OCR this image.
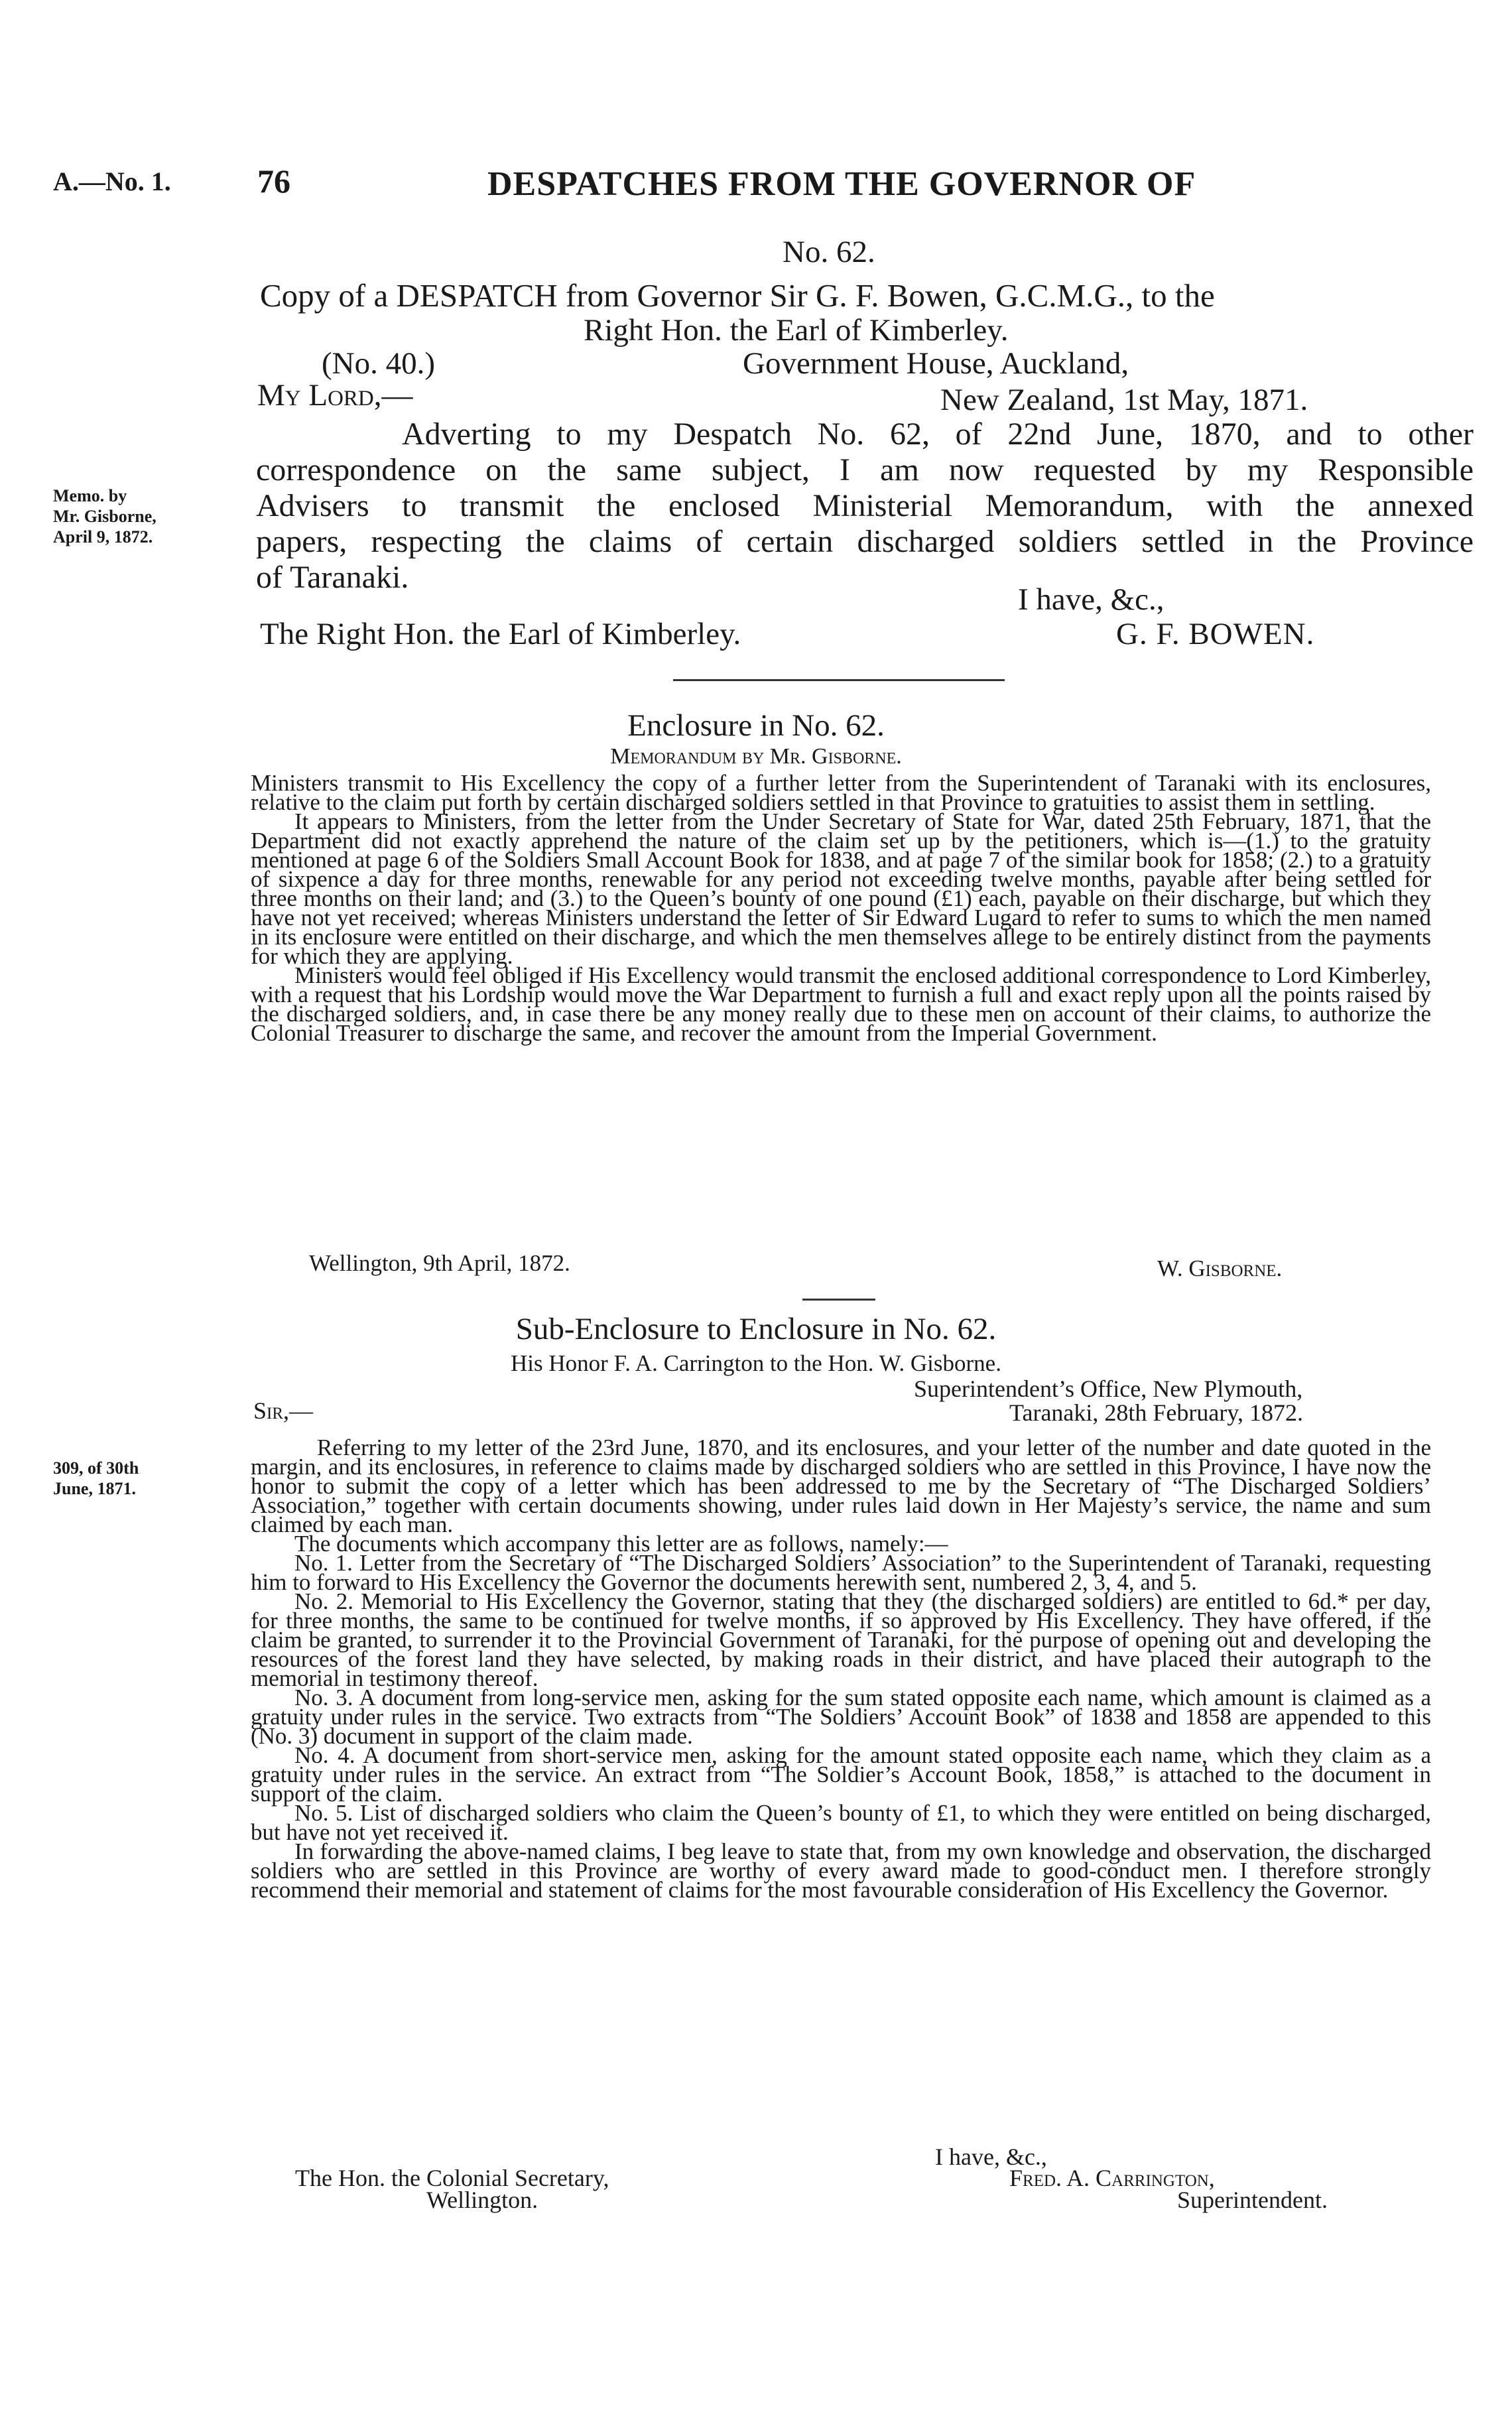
A.—No. 1.	76	DESPATCHES FROM THE GOVERNOR OF
No. 62.
Copy of a DESPATCH from Governor Sir G. F. Bowen, G.C.M.G., to the
Right Hon. the Earl of Kimberley.
(No. 40.)	Government House, Auckland,
My Lord,—	New Zealand, 1st May, 1871.
Adverting to my Despatch No. 62, of 22nd June, 1870, and to other
correspondence on the same subject, I am now requested by my Responsible
Advisers to transmit the enclosed Ministerial Memorandum, with the annexed
papers, respecting the claims of certain discharged soldiers settled in the Province
of Taranaki.
I have, &c.,
The Right Hon. the Earl of Kimberley.	G. F. BOWEN.
Memo. by
Mr. Gisborne,
April 9, 1872.
Enclosure in No. 62.
Memorandum by Mr. Gisborne.

Ministers transmit to His Excellency the copy of a further letter from the Superintendent of Taranaki with its enclosures, relative to the claim put forth by certain discharged soldiers settled in that Province to gratuities to assist them in settling.

It appears to Ministers, from the letter from the Under Secretary of State for War, dated 25th February, 1871, that the Department did not exactly apprehend the nature of the claim set up by the petitioners, which is—(1.) to the gratuity mentioned at page 6 of the Soldiers Small Account Book for 1838, and at page 7 of the similar book for 1858; (2.) to a gratuity of sixpence a day for three months, renewable for any period not exceeding twelve months, payable after being settled for three months on their land; and (3.) to the Queen’s bounty of one pound (£1) each, payable on their discharge, but which they have not yet received; whereas Ministers understand the letter of Sir Edward Lugard to refer to sums to which the men named in its enclosure were entitled on their discharge, and which the men themselves allege to be entirely distinct from the payments for which they are applying.

Ministers would feel obliged if His Excellency would transmit the enclosed additional correspondence to Lord Kimberley, with a request that his Lordship would move the War Department to furnish a full and exact reply upon all the points raised by the discharged soldiers, and, in case there be any money really due to these men on account of their claims, to authorize the Colonial Treasurer to discharge the same, and recover the amount from the Imperial Government.

Wellington, 9th April, 1872.	W. Gisborne.
Sub-Enclosure to Enclosure in No. 62.
His Honor F. A. Carrington to the Hon. W. Gisborne.
Superintendent’s Office, New Plymouth,
Sir,—	Taranaki, 28th February, 1872.
309, of 30th
June, 1871.

Referring to my letter of the 23rd June, 1870, and its enclosures, and your letter of the number and date quoted in the margin, and its enclosures, in reference to claims made by discharged soldiers who are settled in this Province, I have now the honor to submit the copy of a letter which has been addressed to me by the Secretary of “The Discharged Soldiers’ Association,” together with certain documents showing, under rules laid down in Her Majesty’s service, the name and sum claimed by each man.

The documents which accompany this letter are as follows, namely:—

No. 1. Letter from the Secretary of “The Discharged Soldiers’ Association” to the Superintendent of Taranaki, requesting him to forward to His Excellency the Governor the documents herewith sent, numbered 2, 3, 4, and 5.

No. 2. Memorial to His Excellency the Governor, stating that they (the discharged soldiers) are entitled to 6d.* per day, for three months, the same to be continued for twelve months, if so approved by His Excellency. They have offered, if the claim be granted, to surrender it to the Provincial Government of Taranaki, for the purpose of opening out and developing the resources of the forest land they have selected, by making roads in their district, and have placed their autograph to the memorial in testimony thereof.

No. 3. A document from long-service men, asking for the sum stated opposite each name, which amount is claimed as a gratuity under rules in the service. Two extracts from “The Soldiers’ Account Book” of 1838 and 1858 are appended to this (No. 3) document in support of the claim made.

No. 4. A document from short-service men, asking for the amount stated opposite each name, which they claim as a gratuity under rules in the service. An extract from “The Soldier’s Account Book, 1858,” is attached to the document in support of the claim.

No. 5. List of discharged soldiers who claim the Queen’s bounty of £1, to which they were entitled on being discharged, but have not yet received it.

In forwarding the above-named claims, I beg leave to state that, from my own knowledge and observation, the discharged soldiers who are settled in this Province are worthy of every award made to good-conduct men. I therefore strongly recommend their memorial and statement of claims for the most favourable consideration of His Excellency the Governor.

I have, &c.,
The Hon. the Colonial Secretary,	Fred. A. Carrington,
Wellington.	Superintendent.
